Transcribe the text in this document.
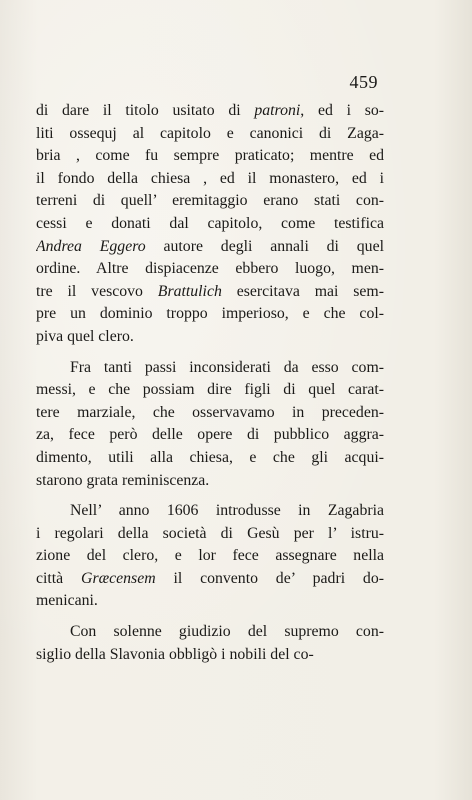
459
di dare il titolo usitato di patroni, ed i so-
liti ossequj al capitolo e canonici di Zaga-
bria , come fu sempre praticato; mentre ed
il fondo della chiesa , ed il monastero, ed i
terreni di quell’ eremitaggio erano stati con-
cessi e donati dal capitolo, come testifica
Andrea Eggero autore degli annali di quel
ordine. Altre dispiacenze ebbero luogo, men-
tre il vescovo Brattulich esercitava mai sem-
pre un dominio troppo imperioso, e che col-
piva quel clero.
Fra tanti passi inconsiderati da esso com-
messi, e che possiam dire figli di quel carat-
tere marziale, che osservavamo in preceden-
za, fece però delle opere di pubblico aggra-
dimento, utili alla chiesa, e che gli acqui-
starono grata reminiscenza.
Nell’ anno 1606 introdusse in Zagabria
i regolari della società di Gesù per l’ istru-
zione del clero, e lor fece assegnare nella
città Græcensem il convento de’ padri do-
menicani.
Con solenne giudizio del supremo con-
siglio della Slavonia obbligò i nobili del co-
